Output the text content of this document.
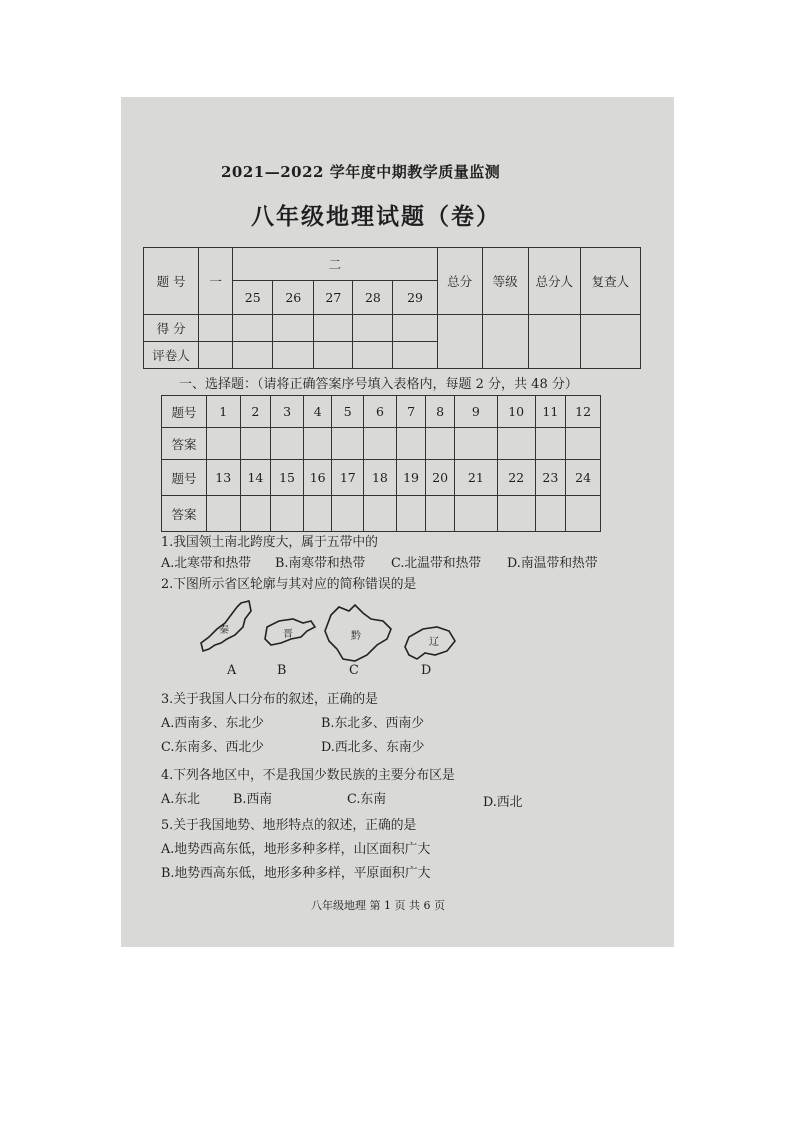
2021—2022 学年度中期教学质量监测
八年级地理试题（卷）
题 号	一	二					总分	等级	总分人	复查人
		25	26	27	28	29				
得 分										
评卷人										
一、选择题：（请将正确答案序号填入表格内，每题 2 分，共 48 分）
题号	1	2	3	4	5	6	7	8	9	10	11	12
答案												
题号	13	14	15	16	17	18	19	20	21	22	23	24
答案												
1.我国领土南北跨度大，属于五带中的
A.北寒带和热带 B.南寒带和热带 C.北温带和热带 D.南温带和热带
2.下图所示省区轮廓与其对应的简称错误的是
秦	晋	黔
辽
A	B	C	D
3.关于我国人口分布的叙述，正确的是
A.西南多、东北少	B.东北多、西南少
C.东南多、西北少	D.西北多、东南少
4.下列各地区中，不是我国少数民族的主要分布区是
A.东北	B.西南	C.东南	D.西北
5.关于我国地势、地形特点的叙述，正确的是
A.地势西高东低，地形多种多样，山区面积广大
B.地势西高东低，地形多种多样，平原面积广大
八年级地理 第 1 页 共 6 页
